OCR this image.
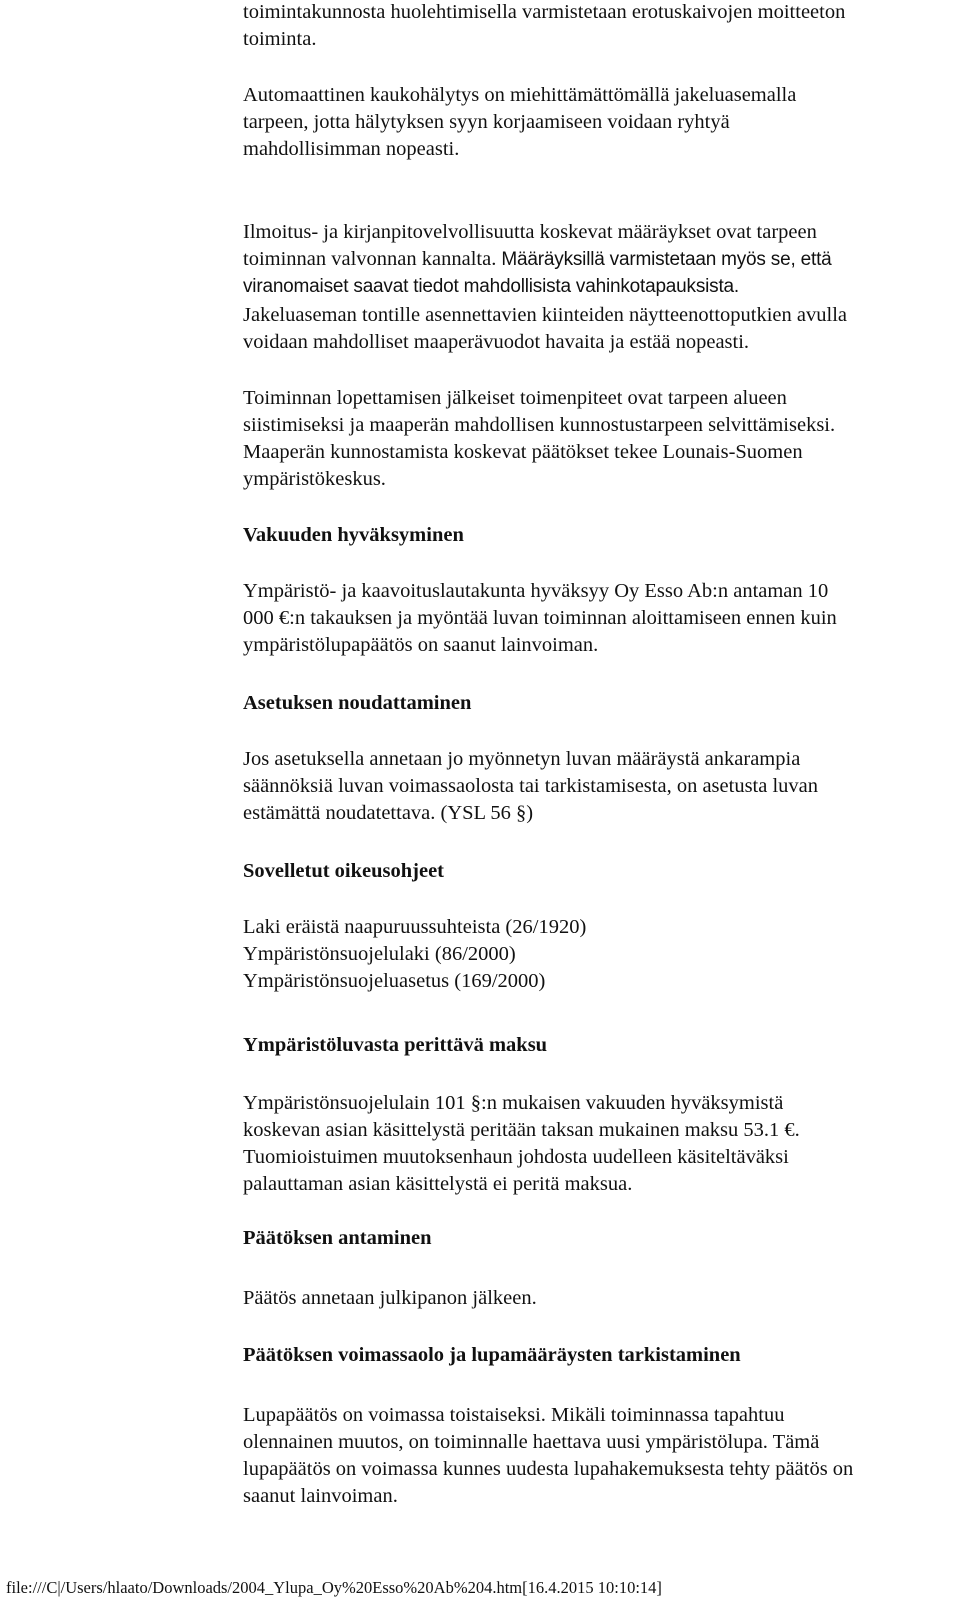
toimintakunnosta huolehtimisella varmistetaan erotuskaivojen moitteeton
toiminta.

Automaattinen kaukohälytys on miehittämättömällä jakeluasemalla
tarpeen, jotta hälytyksen syyn korjaamiseen voidaan ryhtyä
mahdollisimman nopeasti.

Ilmoitus- ja kirjanpitovelvollisuutta koskevat määräykset ovat tarpeen
toiminnan valvonnan kannalta. Määräyksillä varmistetaan myös se, että
viranomaiset saavat tiedot mahdollisista vahinkotapauksista.

Jakeluaseman tontille asennettavien kiinteiden näytteenottoputkien avulla
voidaan mahdolliset maaperävuodot havaita ja estää nopeasti.

Toiminnan lopettamisen jälkeiset toimenpiteet ovat tarpeen alueen
siistimiseksi ja maaperän mahdollisen kunnostustarpeen selvittämiseksi.
Maaperän kunnostamista koskevat päätökset tekee Lounais-Suomen
ympäristökeskus.

Vakuuden hyväksyminen

Ympäristö- ja kaavoituslautakunta hyväksyy Oy Esso Ab:n antaman 10
000 €:n takauksen ja myöntää luvan toiminnan aloittamiseen ennen kuin
ympäristölupapäätös on saanut lainvoiman.

Asetuksen noudattaminen

Jos asetuksella annetaan jo myönnetyn luvan määräystä ankarampia
säännöksiä luvan voimassaolosta tai tarkistamisesta, on asetusta luvan
estämättä noudatettava. (YSL 56 §)

Sovelletut oikeusohjeet

Laki eräistä naapuruussuhteista (26/1920)
Ympäristönsuojelulaki (86/2000)
Ympäristönsuojeluasetus (169/2000)

Ympäristöluvasta perittävä maksu

Ympäristönsuojelulain 101 §:n mukaisen vakuuden hyväksymistä
koskevan asian käsittelystä peritään taksan mukainen maksu 53.1 €.
Tuomioistuimen muutoksenhaun johdosta uudelleen käsiteltäväksi
palauttaman asian käsittelystä ei peritä maksua.

Päätöksen antaminen

Päätös annetaan julkipanon jälkeen.

Päätöksen voimassaolo ja lupamääräysten tarkistaminen

Lupapäätös on voimassa toistaiseksi. Mikäli toiminnassa tapahtuu
olennainen muutos, on toiminnalle haettava uusi ympäristölupa. Tämä
lupapäätös on voimassa kunnes uudesta lupahakemuksesta tehty päätös on
saanut lainvoiman.

file:///C|/Users/hlaato/Downloads/2004_Ylupa_Oy%20Esso%20Ab%204.htm[16.4.2015 10:10:14]
